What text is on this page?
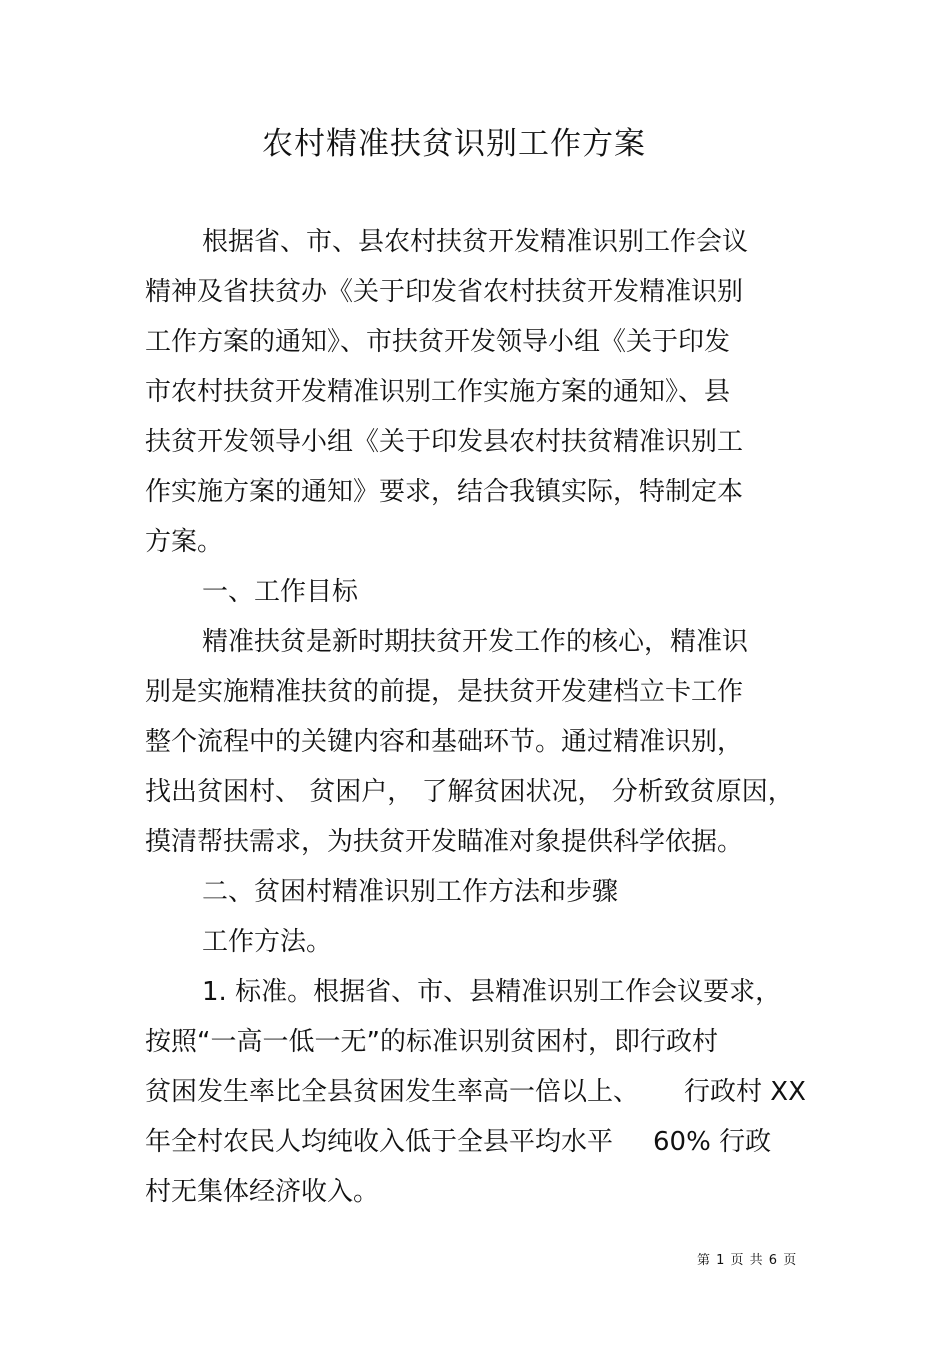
农村精准扶贫识别工作方案
根据省、市、县农村扶贫开发精准识别工作会议
精神及省扶贫办《关于印发省农村扶贫开发精准识别
工作方案的通知》、市扶贫开发领导小组《关于印发
市农村扶贫开发精准识别工作实施方案的通知》、县
扶贫开发领导小组《关于印发县农村扶贫精准识别工
作实施方案的通知》要求，结合我镇实际，特制定本
方案。
一、工作目标
精准扶贫是新时期扶贫开发工作的核心，精准识
别是实施精准扶贫的前提，是扶贫开发建档立卡工作
整个流程中的关键内容和基础环节。通过精准识别，
找出贫困村、 贫困户， 了解贫困状况， 分析致贫原因，
摸清帮扶需求，为扶贫开发瞄准对象提供科学依据。
二、贫困村精准识别工作方法和步骤
工作方法。
1. 标准。根据省、市、县精准识别工作会议要求，
按照“一高一低一无”的标准识别贫困村，即行政村
贫困发生率比全县贫困发生率高一倍以上、 行政村 XX
年全村农民人均纯收入低于全县平均水平 60% 行政
村无集体经济收入。
第 1 页 共 6 页
